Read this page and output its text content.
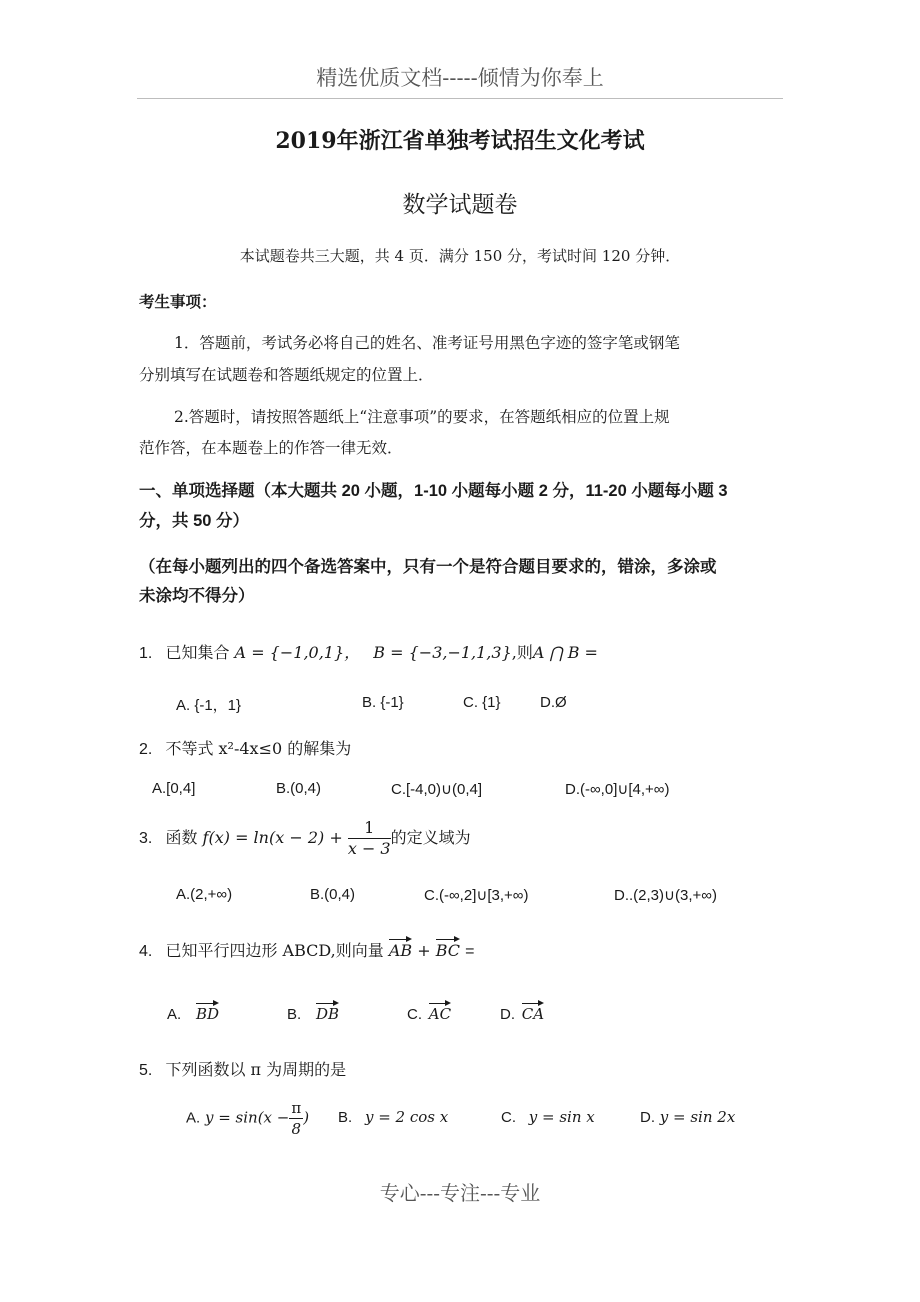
精选优质文档-----倾情为你奉上
2019年浙江省单独考试招生文化考试
数学试题卷
本试题卷共三大题，共 4 页．满分 150 分，考试时间 120 分钟．
考生事项：
1．答题前，考试务必将自己的姓名、准考证号用黑色字迹的签字笔或钢笔
分别填写在试题卷和答题纸规定的位置上．
2.答题时，请按照答题纸上“注意事项”的要求，在答题纸相应的位置上规
范作答，在本题卷上的作答一律无效．
一、单项选择题（本大题共 20 小题，1-10 小题每小题 2 分，11-20 小题每小题 3
分，共 50 分）
（在每小题列出的四个备选答案中，只有一个是符合题目要求的，错涂，多涂或
未涂均不得分）
1. 已知集合 A = {−1,0,1}， B = {−3,−1,1,3},则A ⋂ B =
A. {-1，1}	B. {-1}	C. {1}	D.Ø
2. 不等式 x²-4x≤0 的解集为
A.[0,4]	B.(0,4)	C.[-4,0)∪(0,4]	D.(-∞,0]∪[4,+∞)
3. 函数 $f(x) = \ln(x - 2) + \frac{1}{x - 3}$ 的定义域为
A.(2,+∞)	B.(0,4)	C.(-∞,2]∪[3,+∞)	D..(2,3)∪(3,+∞)
4. 已知平行四边形 ABCD,则向量 AB + BC =
A. BD	B. DB	C. AC	D. CA
5. 下列函数以 π 为周期的是
A. $y = \sin(x - \frac{\pi}{8}$ ) B. y = 2 cos x	C. y = sin x	D. y = sin 2x
专心---专注---专业
